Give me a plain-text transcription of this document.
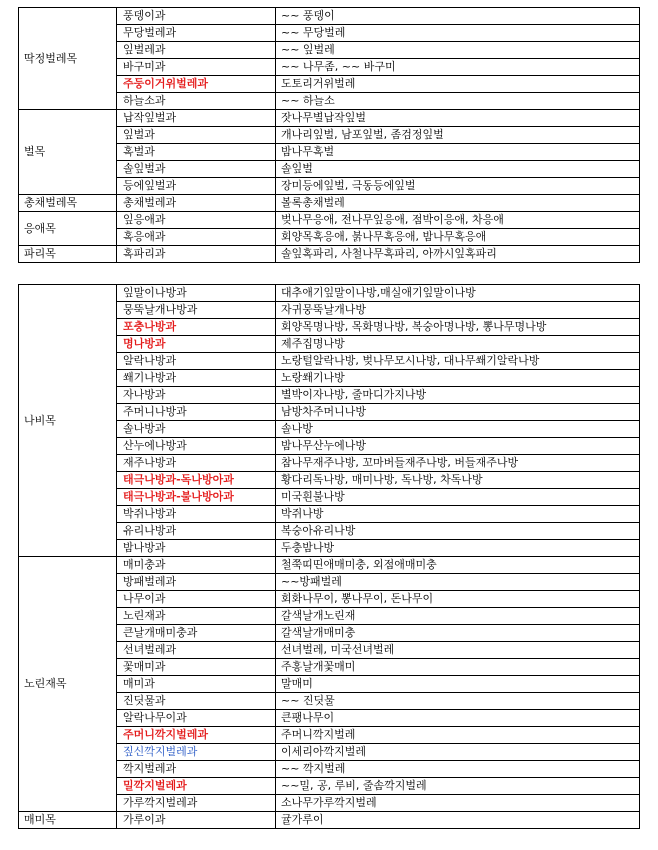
딱정벌레목	풍뎅이과	~~ 풍뎅이
	무당벌레과	~~ 무당벌레
	잎벌레과	~~ 잎벌레
	바구미과	~~ 나무좀, ~~ 바구미
	주둥이거위벌레과	도토리거위벌레
	하늘소과	~~ 하늘소
벌목	납작잎벌과	잣나무별납작잎벌
	잎벌과	개나리잎벌, 남포잎벌, 좀검정잎벌
	혹벌과	밤나무혹벌
	솔잎벌과	솔잎벌
	등에잎벌과	장미등에잎벌, 극동등에잎벌
총채벌레목	총채벌레과	볼록총채벌레
응애목	잎응애과	벚나무응애, 전나무잎응애, 점박이응애, 차응애
	혹응애과	회양목혹응애, 붉나무혹응애, 밤나무혹응애
파리목	혹파리과	솔잎혹파리, 사철나무혹파리, 아까시잎혹파리
나비목	잎말이나방과	대추애기잎말이나방,매실애기잎말이나방
	뭉뚝날개나방과	자귀뭉뚝날개나방
	포충나방과	회양목명나방, 목화명나방, 복숭아명나방, 뽕나무명나방
	명나방과	제주집명나방
	알락나방과	노랑털알락나방, 벚나무모시나방, 대나무쐐기알락나방
	쐐기나방과	노랑쐐기나방
	자나방과	별박이자나방, 줄마디가지나방
	주머니나방과	남방차주머니나방
	솔나방과	솔나방
	산누에나방과	밤나무산누에나방
	재주나방과	참나무재주나방, 꼬마버들재주나방, 버들재주나방
	태극나방과-독나방아과	황다리독나방, 매미나방, 독나방, 차독나방
	태극나방과-불나방아과	미국흰불나방
	박쥐나방과	박쥐나방
	유리나방과	복숭아유리나방
	밤나방과	두충밤나방
노린재목	매미충과	철쭉띠띤애매미충, 외점애매미충
	방패벌레과	~~방패벌레
	나무이과	회화나무이, 뽕나무이, 돈나무이
	노린재과	갈색날개노린재
	큰날개매미충과	갈색날개매미충
	선녀벌레과	선녀벌레, 미국선녀벌레
	꽃매미과	주홍날개꽃매미
	매미과	말매미
	진딧물과	~~ 진딧물
	알락나무이과	큰팽나무이
	주머니깍지벌레과	주머니깍지벌레
	짚신깍지벌레과	이세리아깍지벌레
	깍지벌레과	~~ 깍지벌레
	밀깍지벌레과	~~밀, 공, 루비, 줄솜깍지벌레
	가루깍지벌레과	소나무가루깍지벌레
매미목	가루이과	귤가루이
